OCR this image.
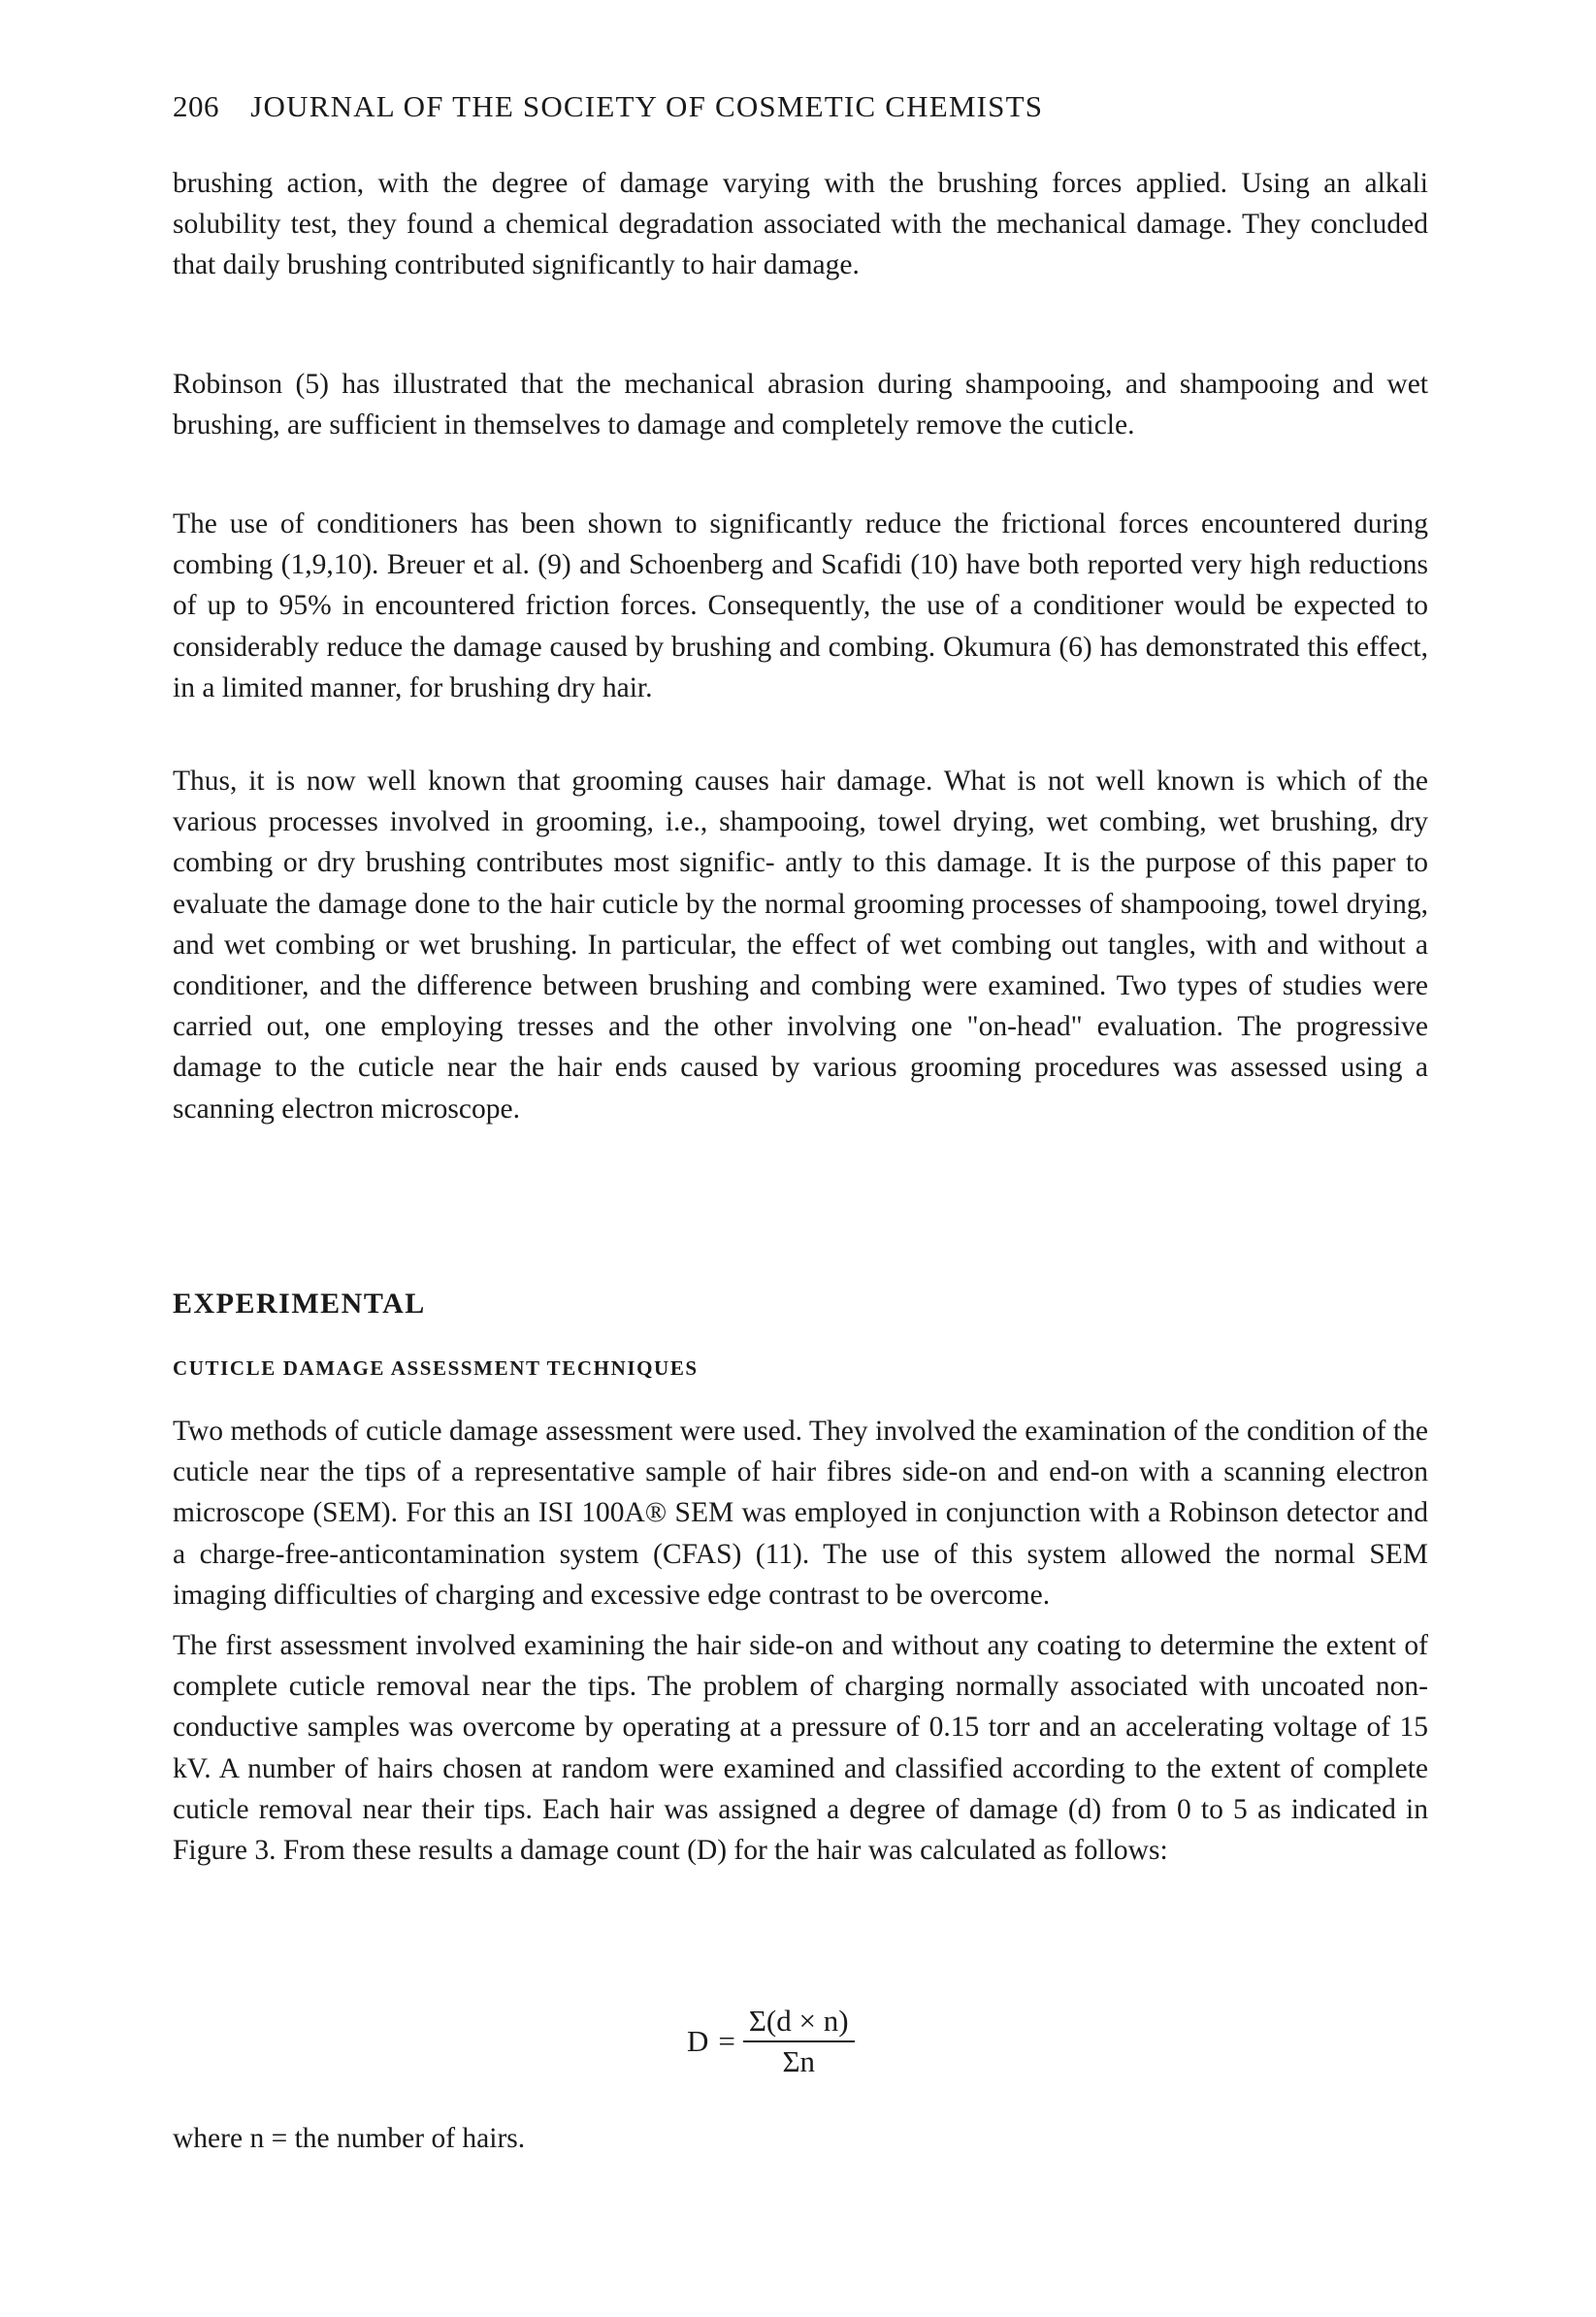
206 JOURNAL OF THE SOCIETY OF COSMETIC CHEMISTS

brushing action, with the degree of damage varying with the brushing forces applied. Using an alkali solubility test, they found a chemical degradation associated with the mechanical damage. They concluded that daily brushing contributed significantly to hair damage.

Robinson (5) has illustrated that the mechanical abrasion during shampooing, and shampooing and wet brushing, are sufficient in themselves to damage and completely remove the cuticle.

The use of conditioners has been shown to significantly reduce the frictional forces encountered during combing (1,9,10). Breuer et al. (9) and Schoenberg and Scafidi (10) have both reported very high reductions of up to 95% in encountered friction forces. Consequently, the use of a conditioner would be expected to considerably reduce the damage caused by brushing and combing. Okumura (6) has demonstrated this effect, in a limited manner, for brushing dry hair.

Thus, it is now well known that grooming causes hair damage. What is not well known is which of the various processes involved in grooming, i.e., shampooing, towel drying, wet combing, wet brushing, dry combing or dry brushing contributes most signific- antly to this damage. It is the purpose of this paper to evaluate the damage done to the hair cuticle by the normal grooming processes of shampooing, towel drying, and wet combing or wet brushing. In particular, the effect of wet combing out tangles, with and without a conditioner, and the difference between brushing and combing were examined. Two types of studies were carried out, one employing tresses and the other involving one "on-head" evaluation. The progressive damage to the cuticle near the hair ends caused by various grooming procedures was assessed using a scanning electron microscope.

EXPERIMENTAL
CUTICLE DAMAGE ASSESSMENT TECHNIQUES

Two methods of cuticle damage assessment were used. They involved the examination of the condition of the cuticle near the tips of a representative sample of hair fibres side-on and end-on with a scanning electron microscope (SEM). For this an ISI 100A® SEM was employed in conjunction with a Robinson detector and a charge-free-anticontamination system (CFAS) (11). The use of this system allowed the normal SEM imaging difficulties of charging and excessive edge contrast to be overcome.

The first assessment involved examining the hair side-on and without any coating to determine the extent of complete cuticle removal near the tips. The problem of charging normally associated with uncoated non-conductive samples was overcome by operating at a pressure of 0.15 torr and an accelerating voltage of 15 kV. A number of hairs chosen at random were examined and classified according to the extent of complete cuticle removal near their tips. Each hair was assigned a degree of damage (d) from 0 to 5 as indicated in Figure 3. From these results a damage count (D) for the hair was calculated as follows:

$D = \frac{\Sigma(d \times n)}{\Sigma n}$

where n = the number of hairs.
